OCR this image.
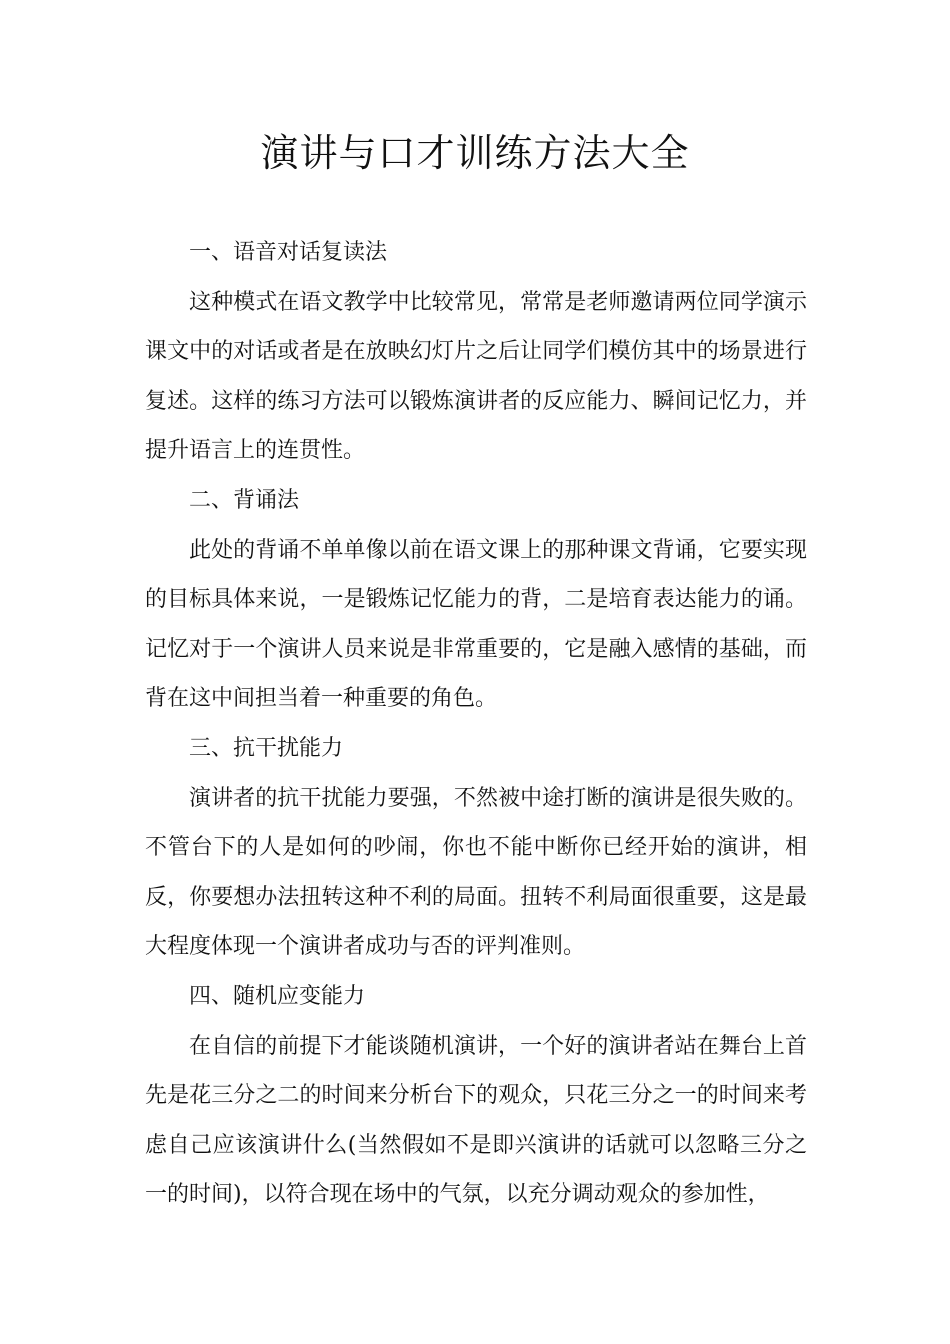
演讲与口才训练方法大全

一、语音对话复读法

这种模式在语文教学中比较常见，常常是老师邀请两位同学演示课文中的对话或者是在放映幻灯片之后让同学们模仿其中的场景进行复述。这样的练习方法可以锻炼演讲者的反应能力、瞬间记忆力，并提升语言上的连贯性。

二、背诵法

此处的背诵不单单像以前在语文课上的那种课文背诵，它要实现的目标具体来说，一是锻炼记忆能力的背，二是培育表达能力的诵。记忆对于一个演讲人员来说是非常重要的，它是融入感情的基础，而背在这中间担当着一种重要的角色。

三、抗干扰能力

演讲者的抗干扰能力要强，不然被中途打断的演讲是很失败的。不管台下的人是如何的吵闹，你也不能中断你已经开始的演讲，相反，你要想办法扭转这种不利的局面。扭转不利局面很重要，这是最大程度体现一个演讲者成功与否的评判准则。

四、随机应变能力

在自信的前提下才能谈随机演讲，一个好的演讲者站在舞台上首先是花三分之二的时间来分析台下的观众，只花三分之一的时间来考虑自己应该演讲什么(当然假如不是即兴演讲的话就可以忽略三分之一的时间)，以符合现在场中的气氛，以充分调动观众的参加性，
